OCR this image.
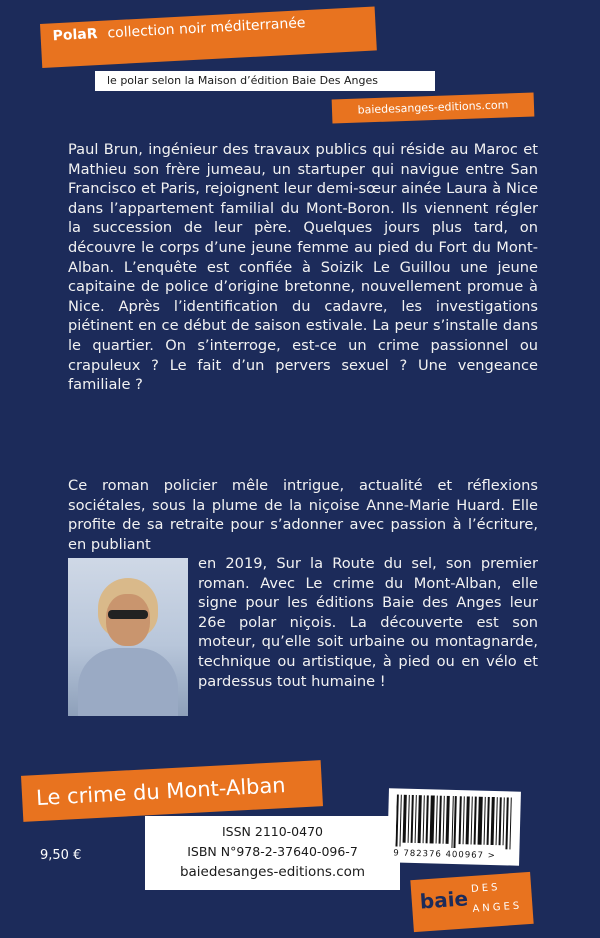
PolaR collection noir méditerranée
le polar selon la Maison d’édition Baie Des Anges
baiedesanges-editions.com

Paul Brun, ingénieur des travaux publics qui réside au Maroc et Mathieu son frère jumeau, un startuper qui navigue entre San Francisco et Paris, rejoignent leur demi-sœur ainée Laura à Nice dans l’appartement familial du Mont-Boron. Ils viennent régler la succession de leur père. Quelques jours plus tard, on découvre le corps d’une jeune femme au pied du Fort du Mont-Alban. L’enquête est confiée à Soizik Le Guillou une jeune capitaine de police d’origine bretonne, nouvellement promue à Nice. Après l’identification du cadavre, les investigations piétinent en ce début de saison estivale. La peur s’installe dans le quartier. On s’interroge, est-ce un crime passionnel ou crapuleux ? Le fait d’un pervers sexuel ? Une vengeance familiale ?

Ce roman policier mêle intrigue, actualité et réflexions sociétales, sous la plume de la niçoise Anne-Marie Huard. Elle profite de sa retraite pour s’adonner avec passion à l’écriture, en publiant

en 2019, Sur la Route du sel, son premier roman. Avec Le crime du Mont-Alban, elle signe pour les éditions Baie des Anges leur 26e polar niçois. La découverte est son moteur, qu’elle soit urbaine ou montagnarde, technique ou artistique, à pied ou en vélo et pardessus tout humaine !

Le crime du Mont-Alban
9,50 €
ISSN 2110-0470
ISBN N°978-2-37640-096-7
baiedesanges-editions.com
9 782376 400967 >
baie DES
ANGES
